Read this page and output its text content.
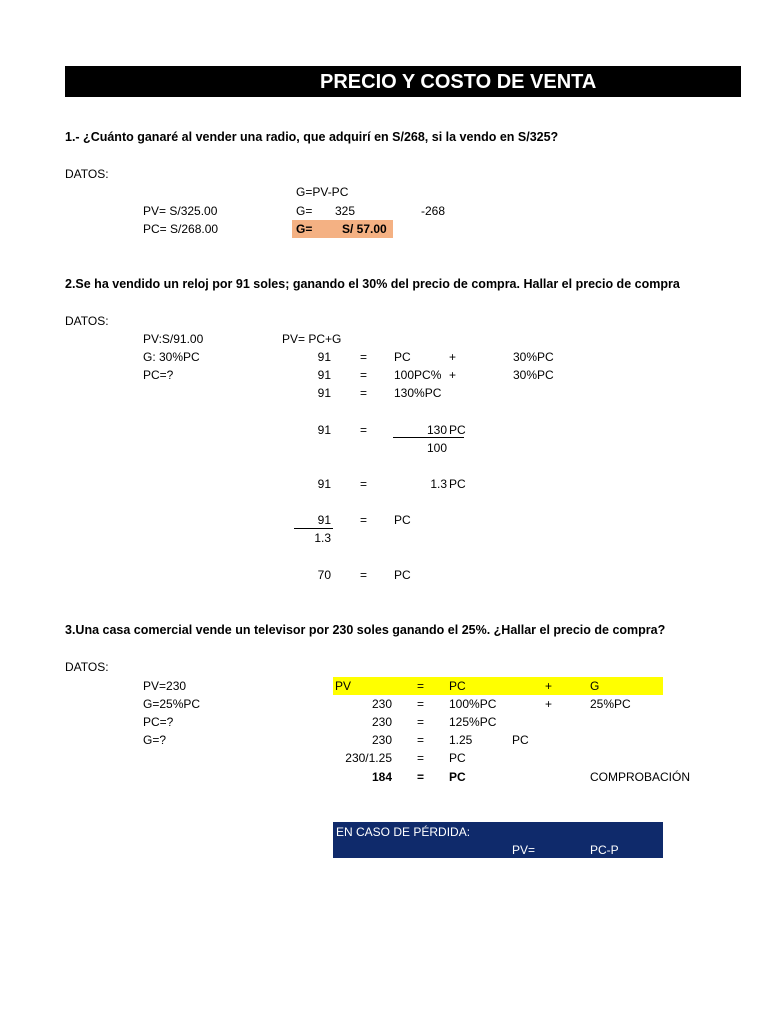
PRECIO Y COSTO DE VENTA
1.- ¿Cuánto ganaré al vender una radio, que adquirí en S/268, si la vendo en S/325?
DATOS:
G=PV-PC
PV= S/325.00	G= 325	-268
PC= S/268.00	G= S/ 57.00
2.Se ha vendido un reloj por 91 soles; ganando el 30% del precio de compra. Hallar el precio de compra
DATOS:
PV:S/91.00	PV= PC+G
G: 30%PC
PC=?
91 = PC	+	30%PC
91 = 100PC% +	30%PC
91 = 130%PC
91 =	130 PC
100
91 =	1.3 PC
91 = PC
1.3
70 = PC
3.Una casa comercial vende un televisor por 230 soles ganando el 25%. ¿Hallar el precio de compra?
DATOS:
PV=230
G=25%PC
PC=?
G=?
PV	= PC	+	G
230 = 100%PC	+	25%PC
230 = 125%PC
230 = 1.25	PC
230/1.25 = PC
184 = PC	COMPROBACIÓN
EN CASO DE PÉRDIDA:
PV=	PC-P
